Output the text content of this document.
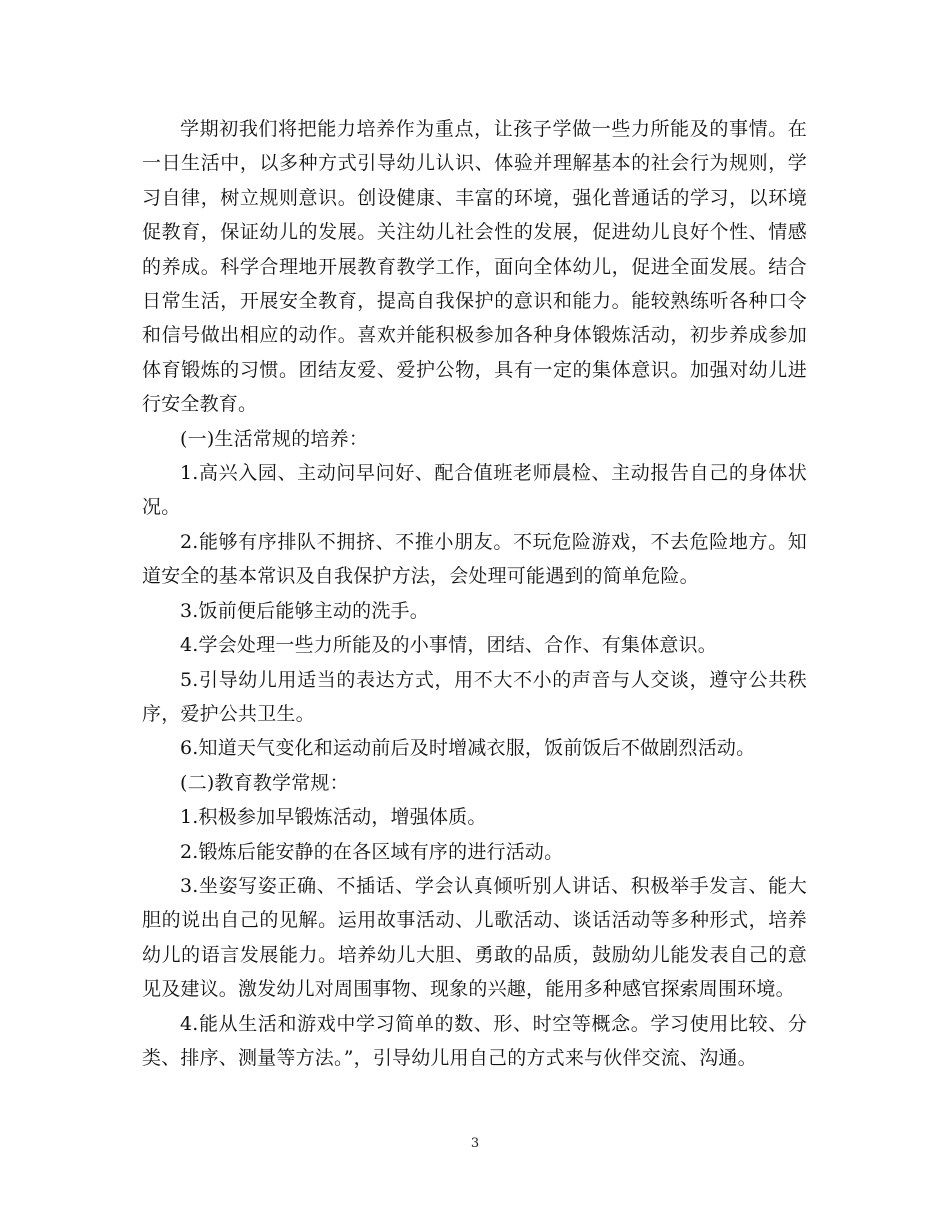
学期初我们将把能力培养作为重点，让孩子学做一些力所能及的事情。在一日生活中，以多种方式引导幼儿认识、体验并理解基本的社会行为规则，学习自律，树立规则意识。创设健康、丰富的环境，强化普通话的学习，以环境促教育，保证幼儿的发展。关注幼儿社会性的发展，促进幼儿良好个性、情感的养成。科学合理地开展教育教学工作，面向全体幼儿，促进全面发展。结合日常生活，开展安全教育，提高自我保护的意识和能力。能较熟练听各种口令和信号做出相应的动作。喜欢并能积极参加各种身体锻炼活动，初步养成参加体育锻炼的习惯。团结友爱、爱护公物，具有一定的集体意识。加强对幼儿进行安全教育。

(一)生活常规的培养：

1.高兴入园、主动问早问好、配合值班老师晨检、主动报告自己的身体状况。

2.能够有序排队不拥挤、不推小朋友。不玩危险游戏，不去危险地方。知道安全的基本常识及自我保护方法，会处理可能遇到的简单危险。

3.饭前便后能够主动的洗手。

4.学会处理一些力所能及的小事情，团结、合作、有集体意识。

5.引导幼儿用适当的表达方式，用不大不小的声音与人交谈，遵守公共秩序，爱护公共卫生。

6.知道天气变化和运动前后及时增减衣服，饭前饭后不做剧烈活动。

(二)教育教学常规：

1.积极参加早锻炼活动，增强体质。

2.锻炼后能安静的在各区域有序的进行活动。

3.坐姿写姿正确、不插话、学会认真倾听别人讲话、积极举手发言、能大胆的说出自己的见解。运用故事活动、儿歌活动、谈话活动等多种形式，培养幼儿的语言发展能力。培养幼儿大胆、勇敢的品质，鼓励幼儿能发表自己的意见及建议。激发幼儿对周围事物、现象的兴趣，能用多种感官探索周围环境。

4.能从生活和游戏中学习简单的数、形、时空等概念。学习使用比较、分类、排序、测量等方法。”，引导幼儿用自己的方式来与伙伴交流、沟通。

3
